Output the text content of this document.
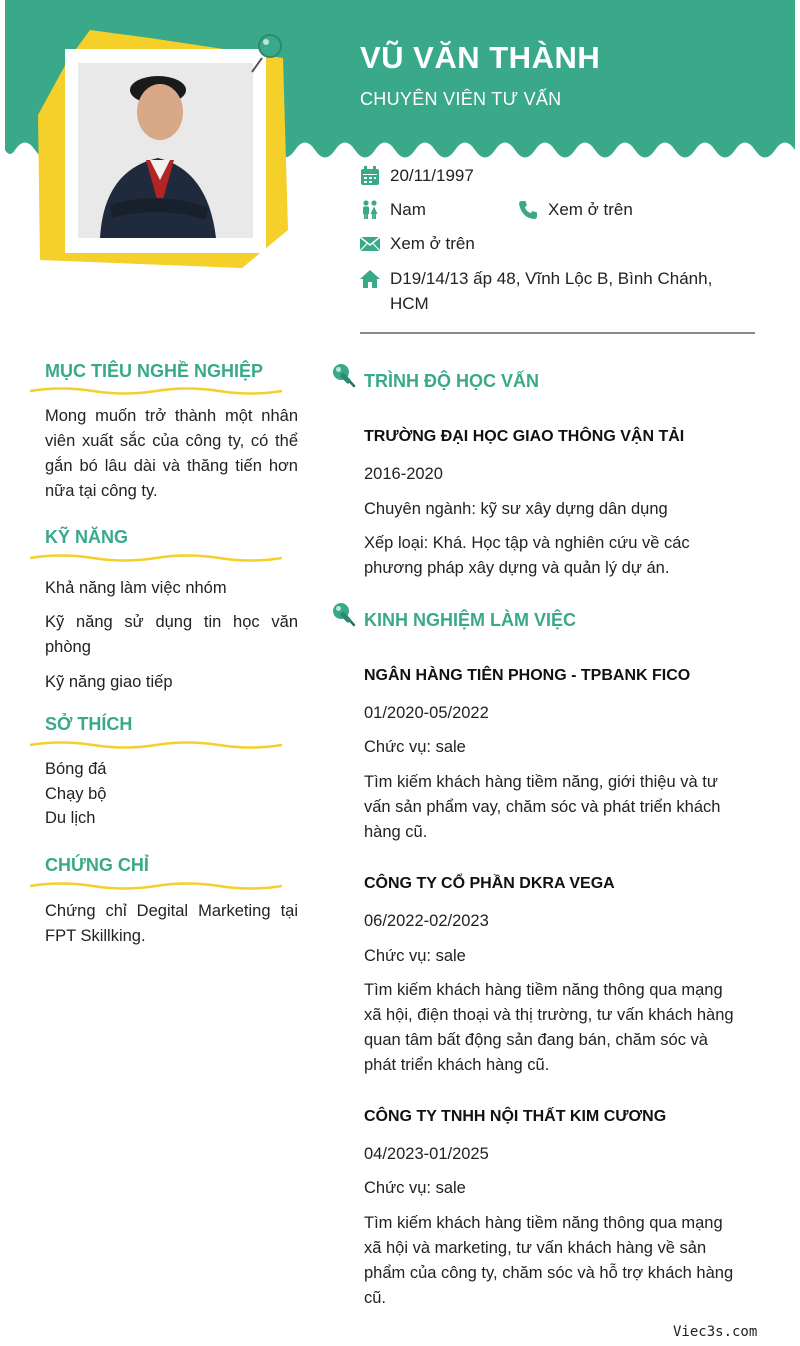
VŨ VĂN THÀNH
CHUYÊN VIÊN TƯ VẤN
20/11/1997
Nam	Xem ở trên
Xem ở trên
D19/14/13 ấp 48, Vĩnh Lộc B, Bình Chánh,
HCM
MỤC TIÊU NGHỀ NGHIỆP
Mong muốn trở thành một nhân viên xuất sắc của công ty, có thể gắn bó lâu dài và thăng tiến hơn nữa tại công ty.
KỸ NĂNG
Khả năng làm việc nhóm
Kỹ năng sử dụng tin học văn phòng
Kỹ năng giao tiếp
SỞ THÍCH
Bóng đá
Chạy bộ
Du lịch
CHỨNG CHỈ
Chứng chỉ Degital Marketing tại FPT Skillking.
TRÌNH ĐỘ HỌC VẤN
TRƯỜNG ĐẠI HỌC GIAO THÔNG VẬN TẢI
2016-2020
Chuyên ngành: kỹ sư xây dựng dân dụng
Xếp loại: Khá. Học tập và nghiên cứu về các phương pháp xây dựng và quản lý dự án.
KINH NGHIỆM LÀM VIỆC
NGÂN HÀNG TIÊN PHONG - TPBANK FICO
01/2020-05/2022
Chức vụ: sale
Tìm kiếm khách hàng tiềm năng, giới thiệu và tư vấn sản phẩm vay, chăm sóc và phát triển khách hàng cũ.
CÔNG TY CỔ PHẦN DKRA VEGA
06/2022-02/2023
Chức vụ: sale
Tìm kiếm khách hàng tiềm năng thông qua mạng xã hội, điện thoại và thị trường, tư vấn khách hàng quan tâm bất động sản đang bán, chăm sóc và phát triển khách hàng cũ.
CÔNG TY TNHH NỘI THẤT KIM CƯƠNG
04/2023-01/2025
Chức vụ: sale
Tìm kiếm khách hàng tiềm năng thông qua mạng xã hội và marketing, tư vấn khách hàng về sản phẩm của công ty, chăm sóc và hỗ trợ khách hàng cũ.
Viec3s.com
